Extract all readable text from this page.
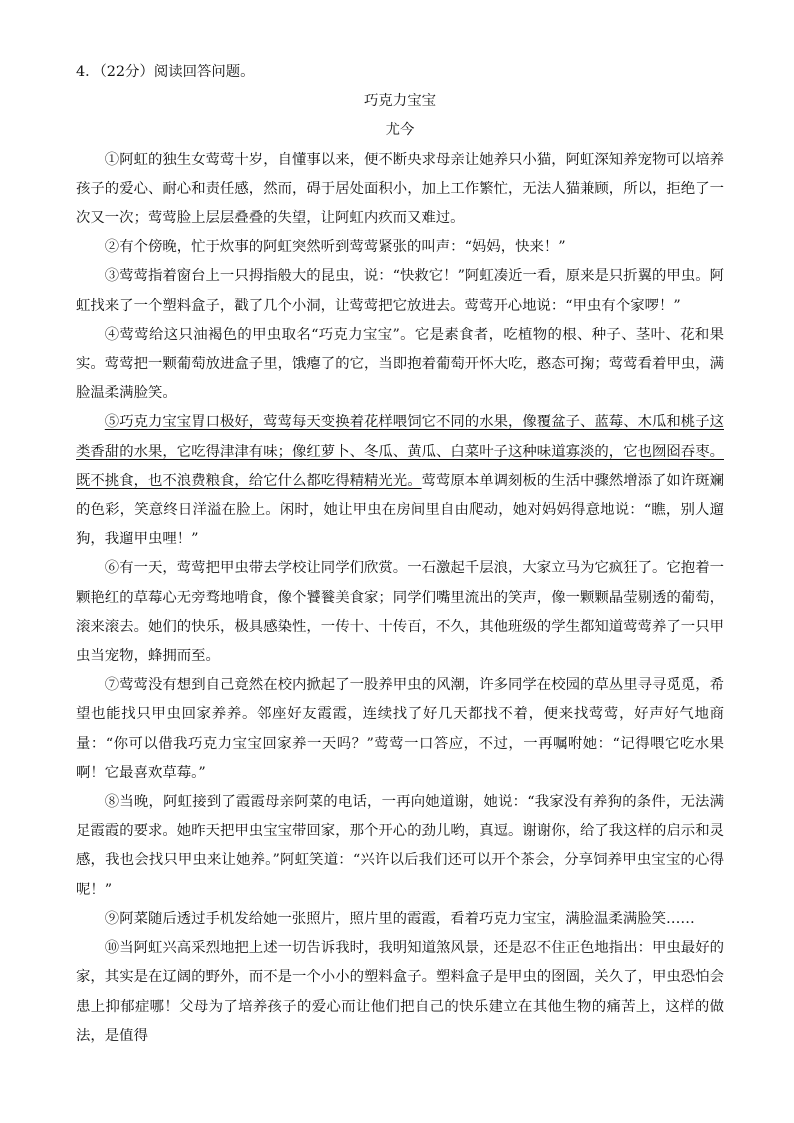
4．（22分）阅读回答问题。

巧克力宝宝

尤今

①阿虹的独生女莺莺十岁，自懂事以来，便不断央求母亲让她养只小猫，阿虹深知养宠物可以培养孩子的爱心、耐心和责任感，然而，碍于居处面积小，加上工作繁忙，无法人猫兼顾，所以，拒绝了一次又一次；莺莺脸上层层叠叠的失望，让阿虹内疚而又难过。

②有个傍晚，忙于炊事的阿虹突然听到莺莺紧张的叫声：“妈妈，快来！”

③莺莺指着窗台上一只拇指般大的昆虫，说：“快救它！”阿虹凑近一看，原来是只折翼的甲虫。阿虹找来了一个塑料盒子，戳了几个小洞，让莺莺把它放进去。莺莺开心地说：“甲虫有个家啰！”

④莺莺给这只油褐色的甲虫取名“巧克力宝宝”。它是素食者，吃植物的根、种子、茎叶、花和果实。莺莺把一颗葡萄放进盒子里，饿瘪了的它，当即抱着葡萄开怀大吃，憨态可掬；莺莺看着甲虫，满脸温柔满脸笑。

⑤巧克力宝宝胃口极好，莺莺每天变换着花样喂饲它不同的水果，像覆盆子、蓝莓、木瓜和桃子这类香甜的水果，它吃得津津有味；像红萝卜、冬瓜、黄瓜、白菜叶子这种味道寡淡的，它也囫囵吞枣。既不挑食，也不浪费粮食，给它什么都吃得精精光光。莺莺原本单调刻板的生活中骤然增添了如许斑斓的色彩，笑意终日洋溢在脸上。闲时，她让甲虫在房间里自由爬动，她对妈妈得意地说：“瞧，别人遛狗，我遛甲虫哩！”

⑥有一天，莺莺把甲虫带去学校让同学们欣赏。一石激起千层浪，大家立马为它疯狂了。它抱着一颗艳红的草莓心无旁骛地啃食，像个饕餮美食家；同学们嘴里流出的笑声，像一颗颗晶莹剔透的葡萄，滚来滚去。她们的快乐，极具感染性，一传十、十传百，不久，其他班级的学生都知道莺莺养了一只甲虫当宠物，蜂拥而至。

⑦莺莺没有想到自己竟然在校内掀起了一股养甲虫的风潮，许多同学在校园的草丛里寻寻觅觅，希望也能找只甲虫回家养养。邻座好友霞霞，连续找了好几天都找不着，便来找莺莺，好声好气地商量：“你可以借我巧克力宝宝回家养一天吗？”莺莺一口答应，不过，一再嘱咐她：“记得喂它吃水果啊！它最喜欢草莓。”

⑧当晚，阿虹接到了霞霞母亲阿菜的电话，一再向她道谢，她说：“我家没有养狗的条件，无法满足霞霞的要求。她昨天把甲虫宝宝带回家，那个开心的劲儿哟，真逗。谢谢你，给了我这样的启示和灵感，我也会找只甲虫来让她养。”阿虹笑道：“兴许以后我们还可以开个茶会，分享饲养甲虫宝宝的心得呢！”

⑨阿菜随后透过手机发给她一张照片，照片里的霞霞，看着巧克力宝宝，满脸温柔满脸笑……

⑩当阿虹兴高采烈地把上述一切告诉我时，我明知道煞风景，还是忍不住正色地指出：甲虫最好的家，其实是在辽阔的野外，而不是一个小小的塑料盒子。塑料盒子是甲虫的囹圄，关久了，甲虫恐怕会患上抑郁症哪！父母为了培养孩子的爱心而让他们把自己的快乐建立在其他生物的痛苦上，这样的做法，是值得
